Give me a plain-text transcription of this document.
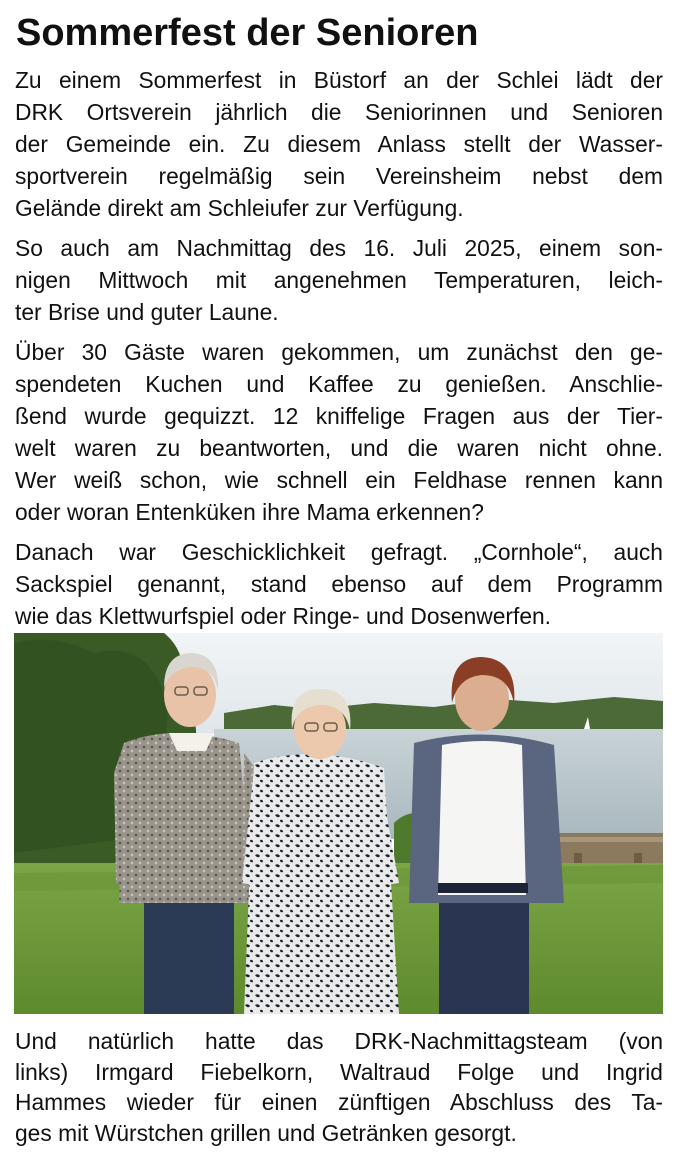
Sommerfest der Senioren

Zu einem Sommerfest in Büstorf an der Schlei lädt der
DRK Ortsverein jährlich die Seniorinnen und Senioren
der Gemeinde ein. Zu diesem Anlass stellt der Wasser-
sportverein regelmäßig sein Vereinsheim nebst dem
Gelände direkt am Schleiufer zur Verfügung.

So auch am Nachmittag des 16. Juli 2025, einem son-
nigen Mittwoch mit angenehmen Temperaturen, leich-
ter Brise und guter Laune.

Über 30 Gäste waren gekommen, um zunächst den ge-
spendeten Kuchen und Kaffee zu genießen. Anschlie-
ßend wurde gequizzt. 12 kniffelige Fragen aus der Tier-
welt waren zu beantworten, und die waren nicht ohne.
Wer weiß schon, wie schnell ein Feldhase rennen kann
oder woran Entenküken ihre Mama erkennen?

Danach war Geschicklichkeit gefragt. „Cornhole“, auch
Sackspiel genannt, stand ebenso auf dem Programm
wie das Klettwurfspiel oder Ringe- und Dosenwerfen.

Und natürlich hatte das DRK-Nachmittagsteam (von
links) Irmgard Fiebelkorn, Waltraud Folge und Ingrid
Hammes wieder für einen zünftigen Abschluss des Ta-
ges mit Würstchen grillen und Getränken gesorgt.
